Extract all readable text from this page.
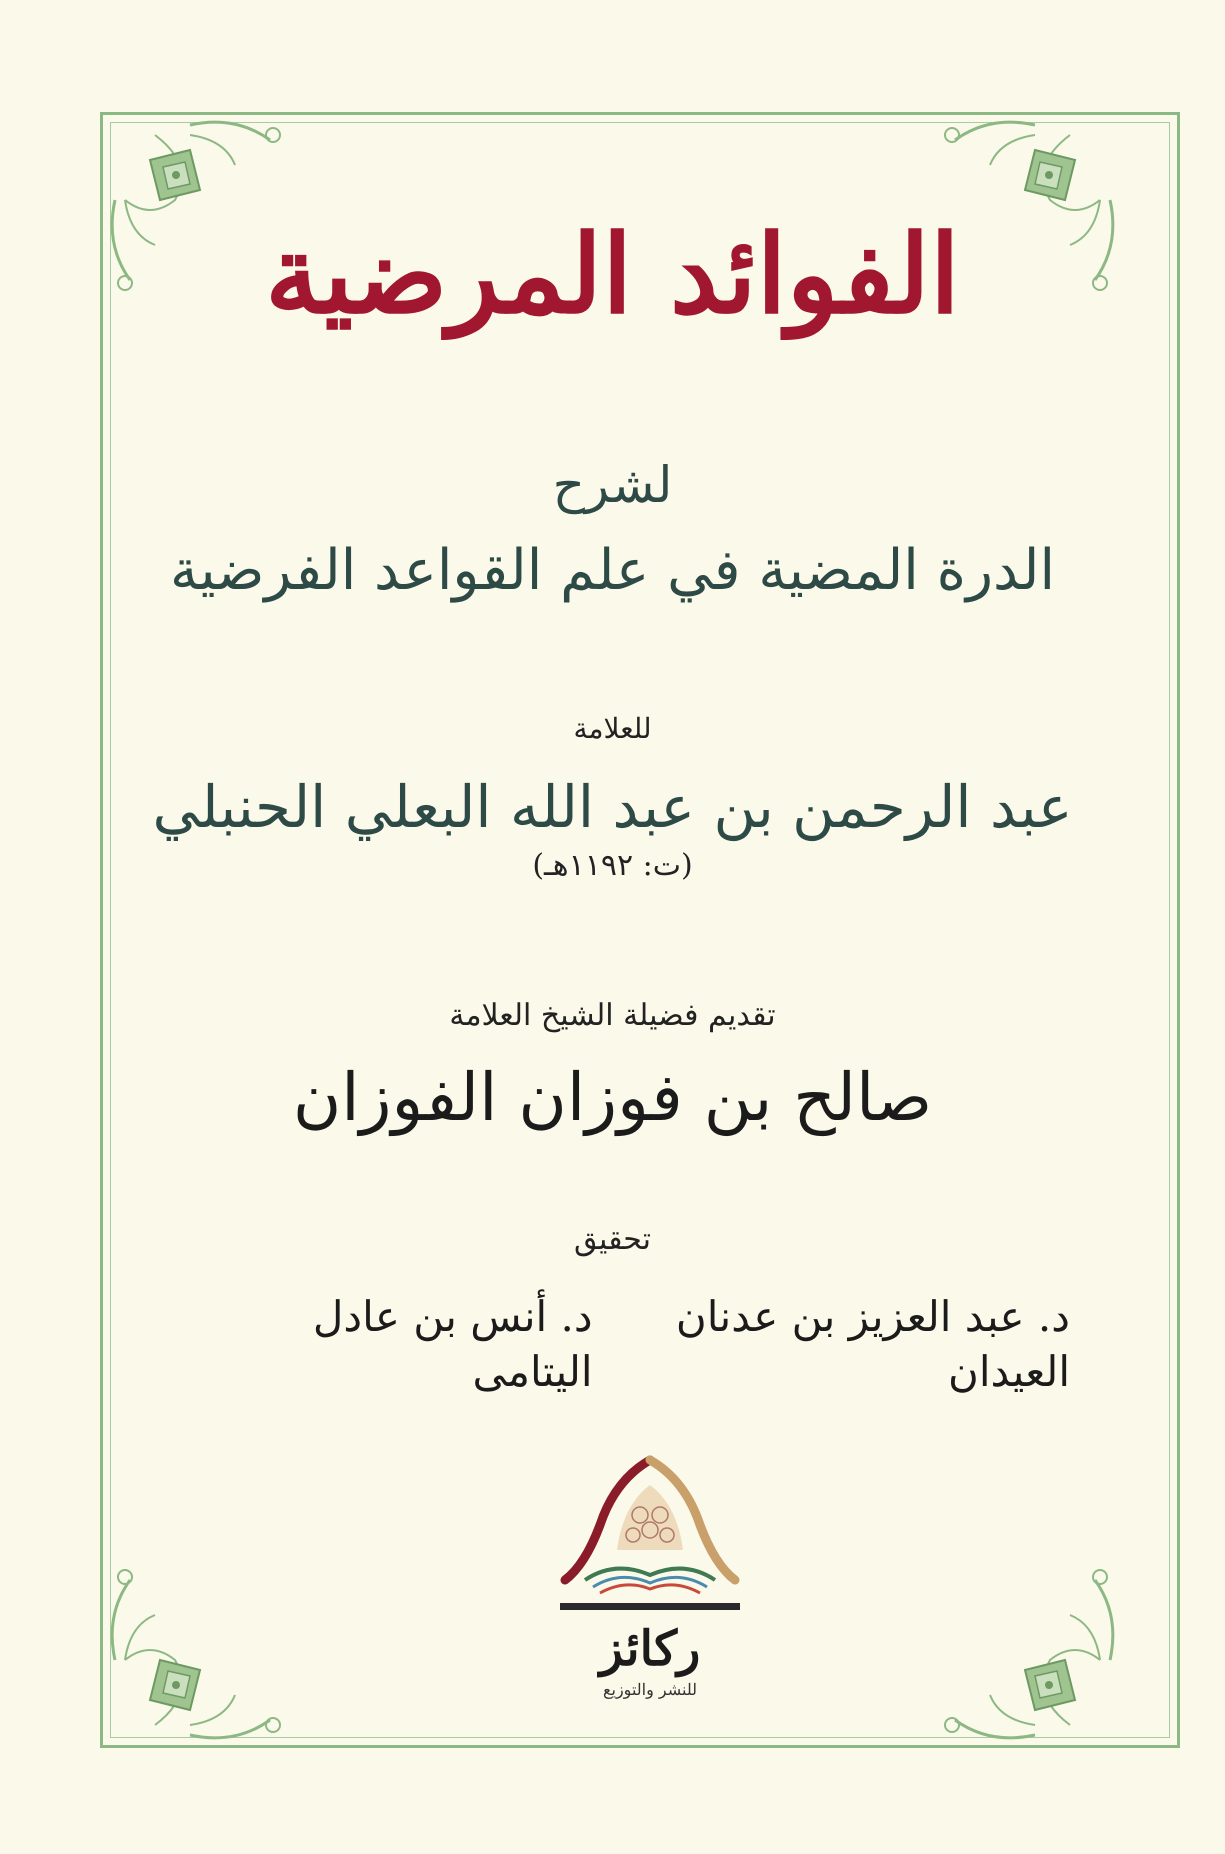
الفوائد المرضية
لشرح
الدرة المضية في علم القواعد الفرضية
للعلامة
عبد الرحمن بن عبد الله البعلي الحنبلي
(ت: ١١٩٢هـ)
تقديم فضيلة الشيخ العلامة
صالح بن فوزان الفوزان
تحقيق
د. عبد العزيز بن عدنان العيدان
د. أنس بن عادل اليتامى
ركائز
للنشر والتوزيع
